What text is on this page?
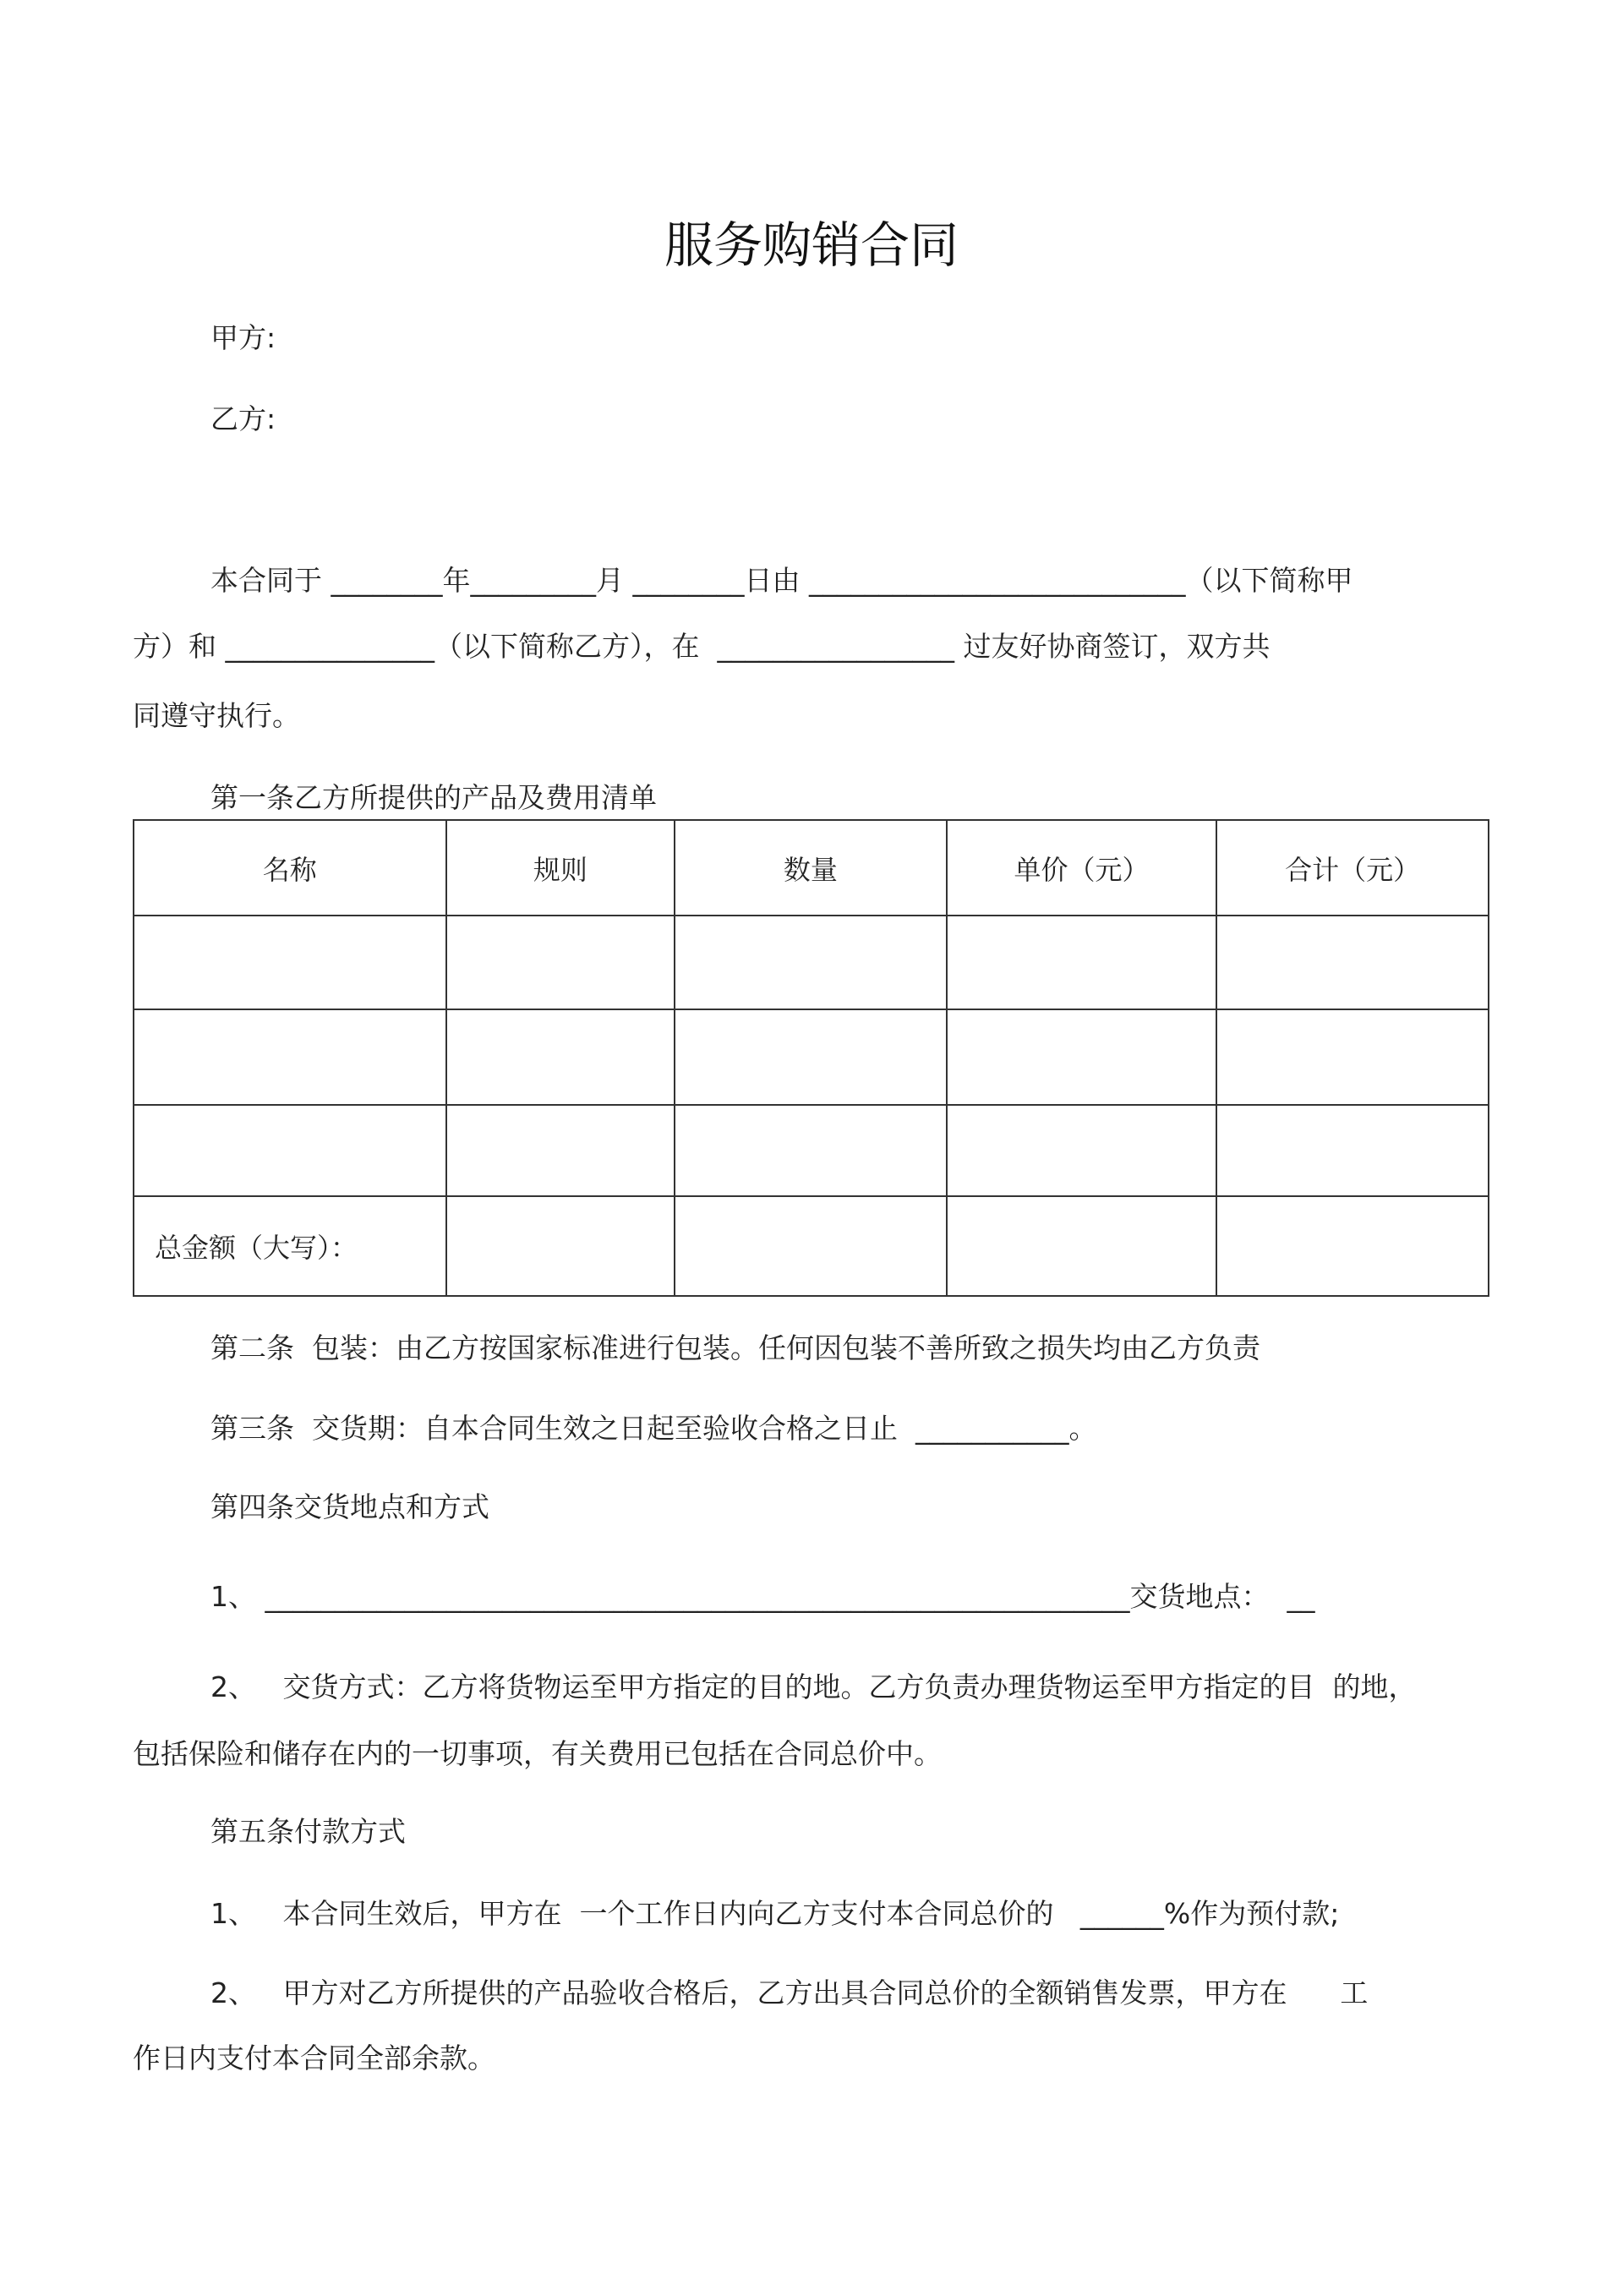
服务购销合同
甲方:
乙方:
本合同于 ________年_________月 ________日由 ___________________________（以下简称甲
方）和 _______________（以下简称乙方），在  _________________ 过友好协商签订，双方共
同遵守执行。
第一条乙方所提供的产品及费用清单
名称	规则	数量	单价（元）	合计（元）

总金额（大写）：				
第二条  包装：由乙方按国家标准进行包装。任何因包装不善所致之损失均由乙方负责
第三条  交货期：自本合同生效之日起至验收合格之日止  ___________。
第四条交货地点和方式
1、 ______________________________________________________________交货地点：  __
2、   交货方式：乙方将货物运至甲方指定的目的地。乙方负责办理货物运至甲方指定的目  的地，
包括保险和储存在内的一切事项，有关费用已包括在合同总价中。
第五条付款方式
1、   本合同生效后，甲方在  一个工作日内向乙方支付本合同总价的   ______%作为预付款;
2、   甲方对乙方所提供的产品验收合格后，乙方出具合同总价的全额销售发票，甲方在      工
作日内支付本合同全部余款。
